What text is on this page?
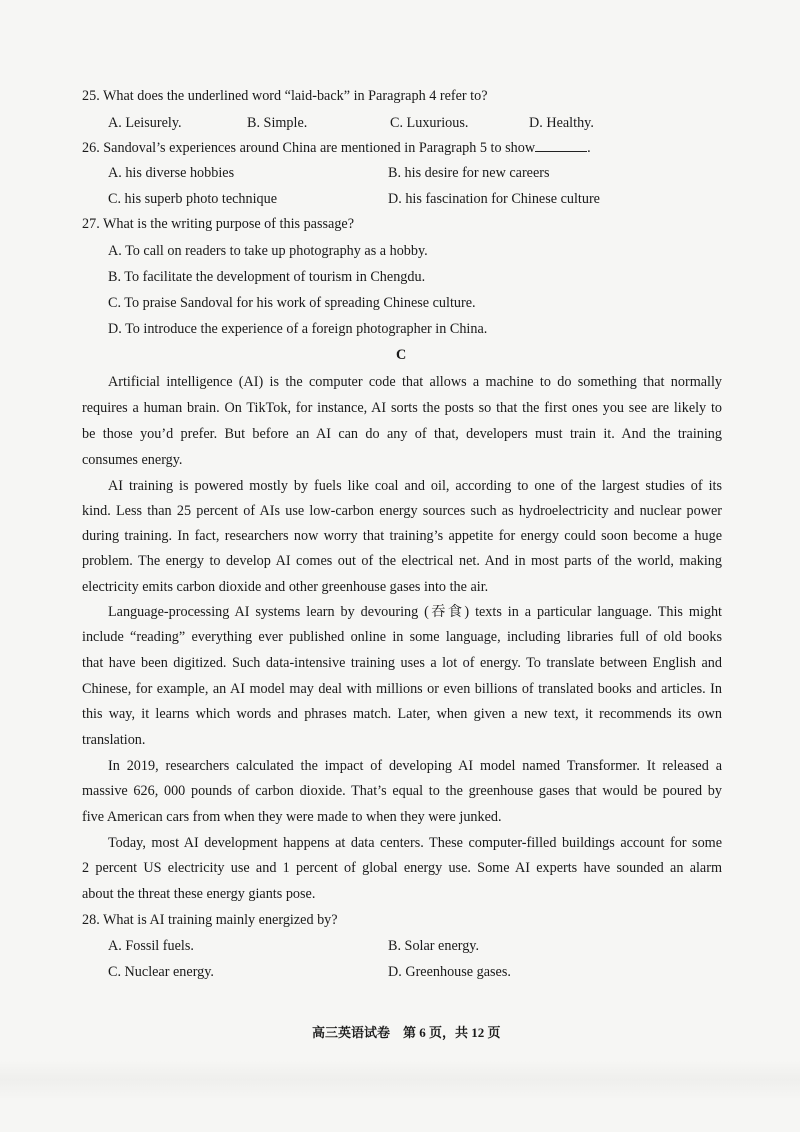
25. What does the underlined word “laid-back” in Paragraph 4 refer to?
A. Leisurely.	B. Simple.	C. Luxurious.	D. Healthy.
26. Sandoval’s experiences around China are mentioned in Paragraph 5 to show	.
A. his diverse hobbies	B. his desire for new careers
C. his superb photo technique	D. his fascination for Chinese culture
27. What is the writing purpose of this passage?
A. To call on readers to take up photography as a hobby.
B. To facilitate the development of tourism in Chengdu.
C. To praise Sandoval for his work of spreading Chinese culture.
D. To introduce the experience of a foreign photographer in China.
C
Artificial intelligence (AI) is the computer code that allows a machine to do something that normally
requires a human brain. On TikTok, for instance, AI sorts the posts so that the first ones you see are likely to
be those you’d prefer. But before an AI can do any of that, developers must train it. And the training
consumes energy.
AI training is powered mostly by fuels like coal and oil, according to one of the largest studies of its
kind. Less than 25 percent of AIs use low-carbon energy sources such as hydroelectricity and nuclear power
during training. In fact, researchers now worry that training’s appetite for energy could soon become a huge
problem. The energy to develop AI comes out of the electrical net. And in most parts of the world, making
electricity emits carbon dioxide and other greenhouse gases into the air.
Language-processing AI systems learn by devouring (吞食) texts in a particular language. This might
include “reading” everything ever published online in some language, including libraries full of old books
that have been digitized. Such data-intensive training uses a lot of energy. To translate between English and
Chinese, for example, an AI model may deal with millions or even billions of translated books and articles. In
this way, it learns which words and phrases match. Later, when given a new text, it recommends its own
translation.
In 2019, researchers calculated the impact of developing AI model named Transformer. It released a
massive 626, 000 pounds of carbon dioxide. That’s equal to the greenhouse gases that would be poured by
five American cars from when they were made to when they were junked.
Today, most AI development happens at data centers. These computer-filled buildings account for some
2 percent US electricity use and 1 percent of global energy use. Some AI experts have sounded an alarm
about the threat these energy giants pose.
28. What is AI training mainly energized by?
A. Fossil fuels.	B. Solar energy.
C. Nuclear energy.	D. Greenhouse gases.
高三英语试卷　第 6 页，共 12 页
